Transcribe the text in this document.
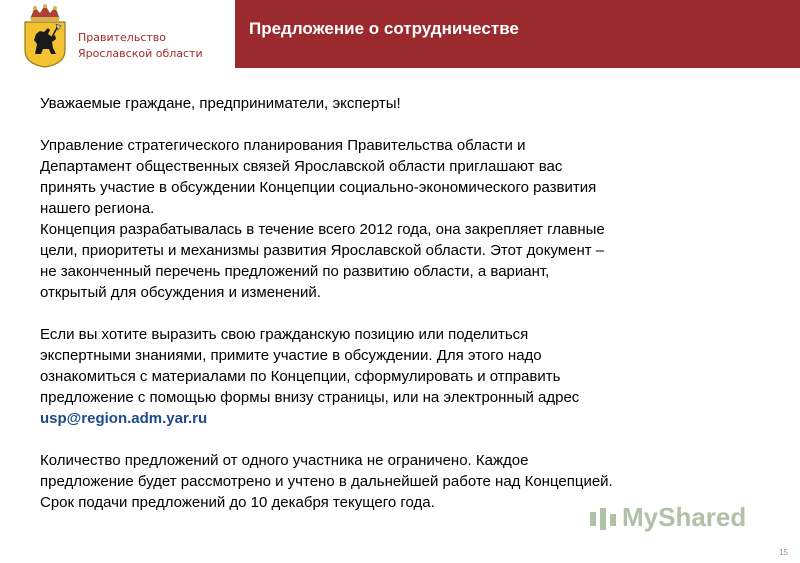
Правительство
Ярославской области
Предложение о сотрудничестве

Уважаемые граждане, предприниматели, эксперты!

Управление стратегического планирования Правительства области и

Департамент общественных связей Ярославской области приглашают вас

принять участие в обсуждении Концепции социально-экономического развития

нашего региона.

Концепция разрабатывалась в течение всего 2012 года, она закрепляет главные

цели, приоритеты и механизмы развития Ярославской области. Этот документ –

не законченный перечень предложений по развитию области, а вариант,

открытый для обсуждения и изменений.

Если вы хотите выразить свою гражданскую позицию или поделиться

экспертными знаниями, примите участие в обсуждении. Для этого надо

ознакомиться с материалами по Концепции, сформулировать и отправить

предложение с помощью формы внизу страницы, или на электронный адрес

usp@region.adm.yar.ru

Количество предложений от одного участника не ограничено. Каждое

предложение будет рассмотрено и учтено в дальнейшей работе над Концепцией.

Срок подачи предложений до 10 декабря текущего года.	MyShared
15
